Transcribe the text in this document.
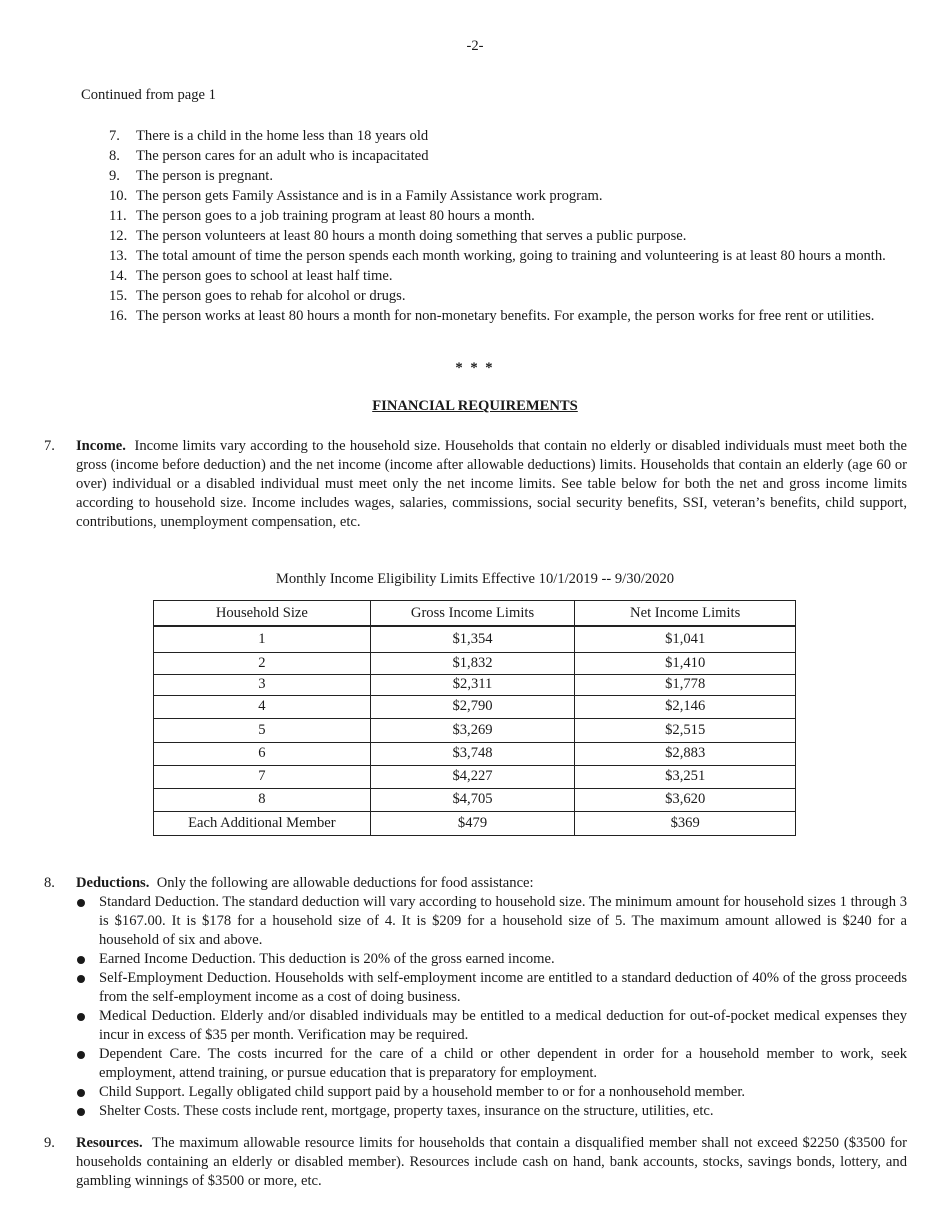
-2-
Continued from page 1
7.	There is a child in the home less than 18 years old
8.	The person cares for an adult who is incapacitated
9.	The person is pregnant.
10. The person gets Family Assistance and is in a Family Assistance work program.
11. The person goes to a job training program at least 80 hours a month.
12. The person volunteers at least 80 hours a month doing something that serves a public purpose.
13. The total amount of time the person spends each month working, going to training and volunteering is at least 80 hours a month.
14. The person goes to school at least half time.
15. The person goes to rehab for alcohol or drugs.
16. The person works at least 80 hours a month for non-monetary benefits. For example, the person works for free rent or utilities.
* * *
FINANCIAL REQUIREMENTS
7. Income. Income limits vary according to the household size. Households that contain no elderly or disabled individuals must meet both the gross (income before deduction) and the net income (income after allowable deductions) limits. Households that contain an elderly (age 60 or over) individual or a disabled individual must meet only the net income limits. See table below for both the net and gross income limits according to household size. Income includes wages, salaries, commissions, social security benefits, SSI, veteran’s benefits, child support, contributions, unemployment compensation, etc.
Monthly Income Eligibility Limits Effective 10/1/2019 -- 9/30/2020
Household Size	Gross Income Limits	Net Income Limits
1	$1,354	$1,041
2	$1,832	$1,410
3	$2,311	$1,778
4	$2,790	$2,146
5	$3,269	$2,515
6	$3,748	$2,883
7	$4,227	$3,251
8	$4,705	$3,620
Each Additional Member	$479	$369
8. Deductions. Only the following are allowable deductions for food assistance:
Standard Deduction. The standard deduction will vary according to household size. The minimum amount for household sizes 1 through 3 is $167.00. It is $178 for a household size of 4. It is $209 for a household size of 5. The maximum amount allowed is $240 for a household of six and above.
Earned Income Deduction. This deduction is 20% of the gross earned income.
Self-Employment Deduction. Households with self-employment income are entitled to a standard deduction of 40% of the gross proceeds from the self-employment income as a cost of doing business.
Medical Deduction. Elderly and/or disabled individuals may be entitled to a medical deduction for out-of-pocket medical expenses they incur in excess of $35 per month. Verification may be required.
Dependent Care. The costs incurred for the care of a child or other dependent in order for a household member to work, seek employment, attend training, or pursue education that is preparatory for employment.
Child Support. Legally obligated child support paid by a household member to or for a nonhousehold member.
Shelter Costs. These costs include rent, mortgage, property taxes, insurance on the structure, utilities, etc.
9. Resources. The maximum allowable resource limits for households that contain a disqualified member shall not exceed $2250 ($3500 for households containing an elderly or disabled member). Resources include cash on hand, bank accounts, stocks, savings bonds, lottery, and gambling winnings of $3500 or more, etc.
